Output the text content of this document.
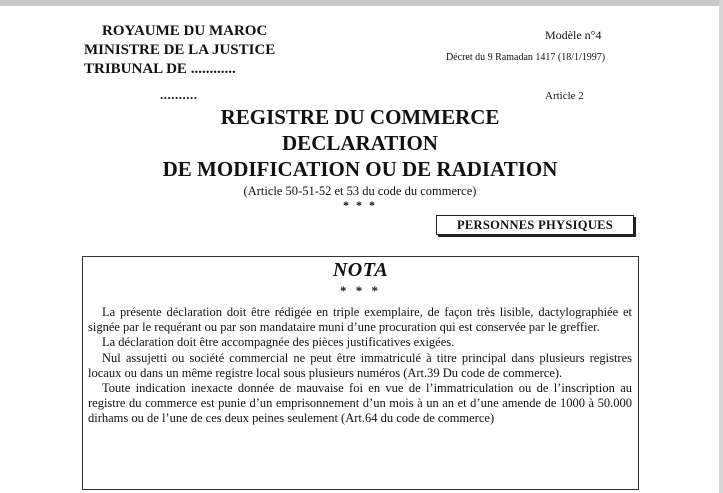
ROYAUME DU MAROC
MINISTRE DE LA JUSTICE
TRIBUNAL DE ............
..........
Modèle n°4
Décret du 9 Ramadan 1417 (18/1/1997)
Article 2
REGISTRE DU COMMERCE
DECLARATION
DE MODIFICATION OU DE RADIATION
(Article 50-51-52 et 53 du code du commerce)
* * *
PERSONNES PHYSIQUES
NOTA
* * *

La présente déclaration doit être rédigée en triple exemplaire, de façon très lisible, dactylographiée et signée par le requérant ou par son mandataire muni d’une procuration qui est conservée par le greffier.

La déclaration doit être accompagnée des pièces justificatives exigées.

Nul assujetti ou société commercial ne peut être immatriculé à titre principal dans plusieurs registres locaux ou dans un même registre local sous plusieurs numéros (Art.39 Du code de commerce).

Toute indication inexacte donnée de mauvaise foi en vue de l’immatriculation ou de l’inscription au registre du commerce est punie d’un emprisonnement d’un mois à un an et d’une amende de 1000 à 50.000 dirhams ou de l’une de ces deux peines seulement (Art.64 du code de commerce)
